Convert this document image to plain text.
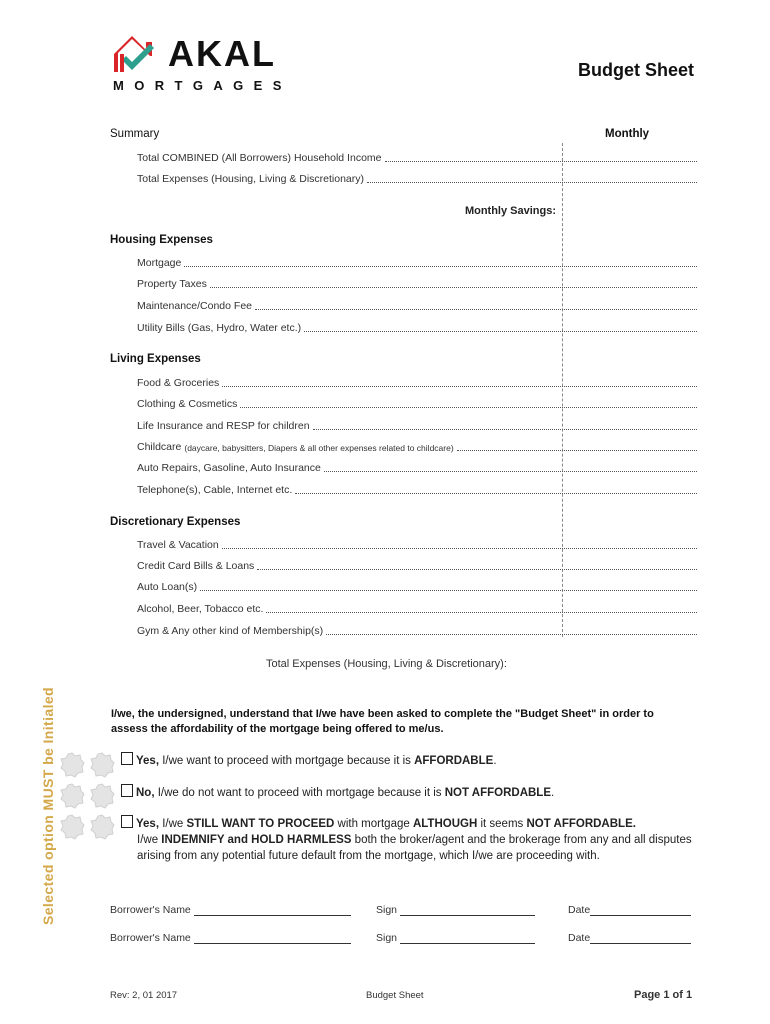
AKAL
MORTGAGES
Budget Sheet
Summary	Monthly
Total COMBINED (All Borrowers) Household Income
Total Expenses (Housing, Living & Discretionary)
Monthly Savings:
Housing Expenses
Mortgage
Property Taxes
Maintenance/Condo Fee
Utility Bills (Gas, Hydro, Water etc.)
Living Expenses
Food & Groceries
Clothing & Cosmetics
Life Insurance and RESP for children
Childcare (daycare, babysitters, Diapers & all other expenses related to childcare)
Auto Repairs, Gasoline, Auto Insurance
Telephone(s), Cable, Internet etc.
Discretionary Expenses
Travel & Vacation
Credit Card Bills & Loans
Auto Loan(s)
Alcohol, Beer, Tobacco etc.
Gym & Any other kind of Membership(s)
Total Expenses (Housing, Living & Discretionary):
Selected option MUST be Initialed	I/we, the undersigned, understand that I/we have been asked to complete the "Budget Sheet" in order to assess the affordability of the mortgage being offered to me/us.
Yes, I/we want to proceed with mortgage because it is AFFORDABLE.
No, I/we do not want to proceed with mortgage because it is NOT AFFORDABLE.
Yes, I/we STILL WANT TO PROCEED with mortgage ALTHOUGH it seems NOT AFFORDABLE.
I/we INDEMNIFY and HOLD HARMLESS both the broker/agent and the brokerage from any and all disputes arising from any potential future default from the mortgage, which I/we are proceeding with.
Borrower's Name	Sign	Date
Borrower's Name	Sign	Date
Rev: 2, 01 2017	Budget Sheet	Page 1 of 1
